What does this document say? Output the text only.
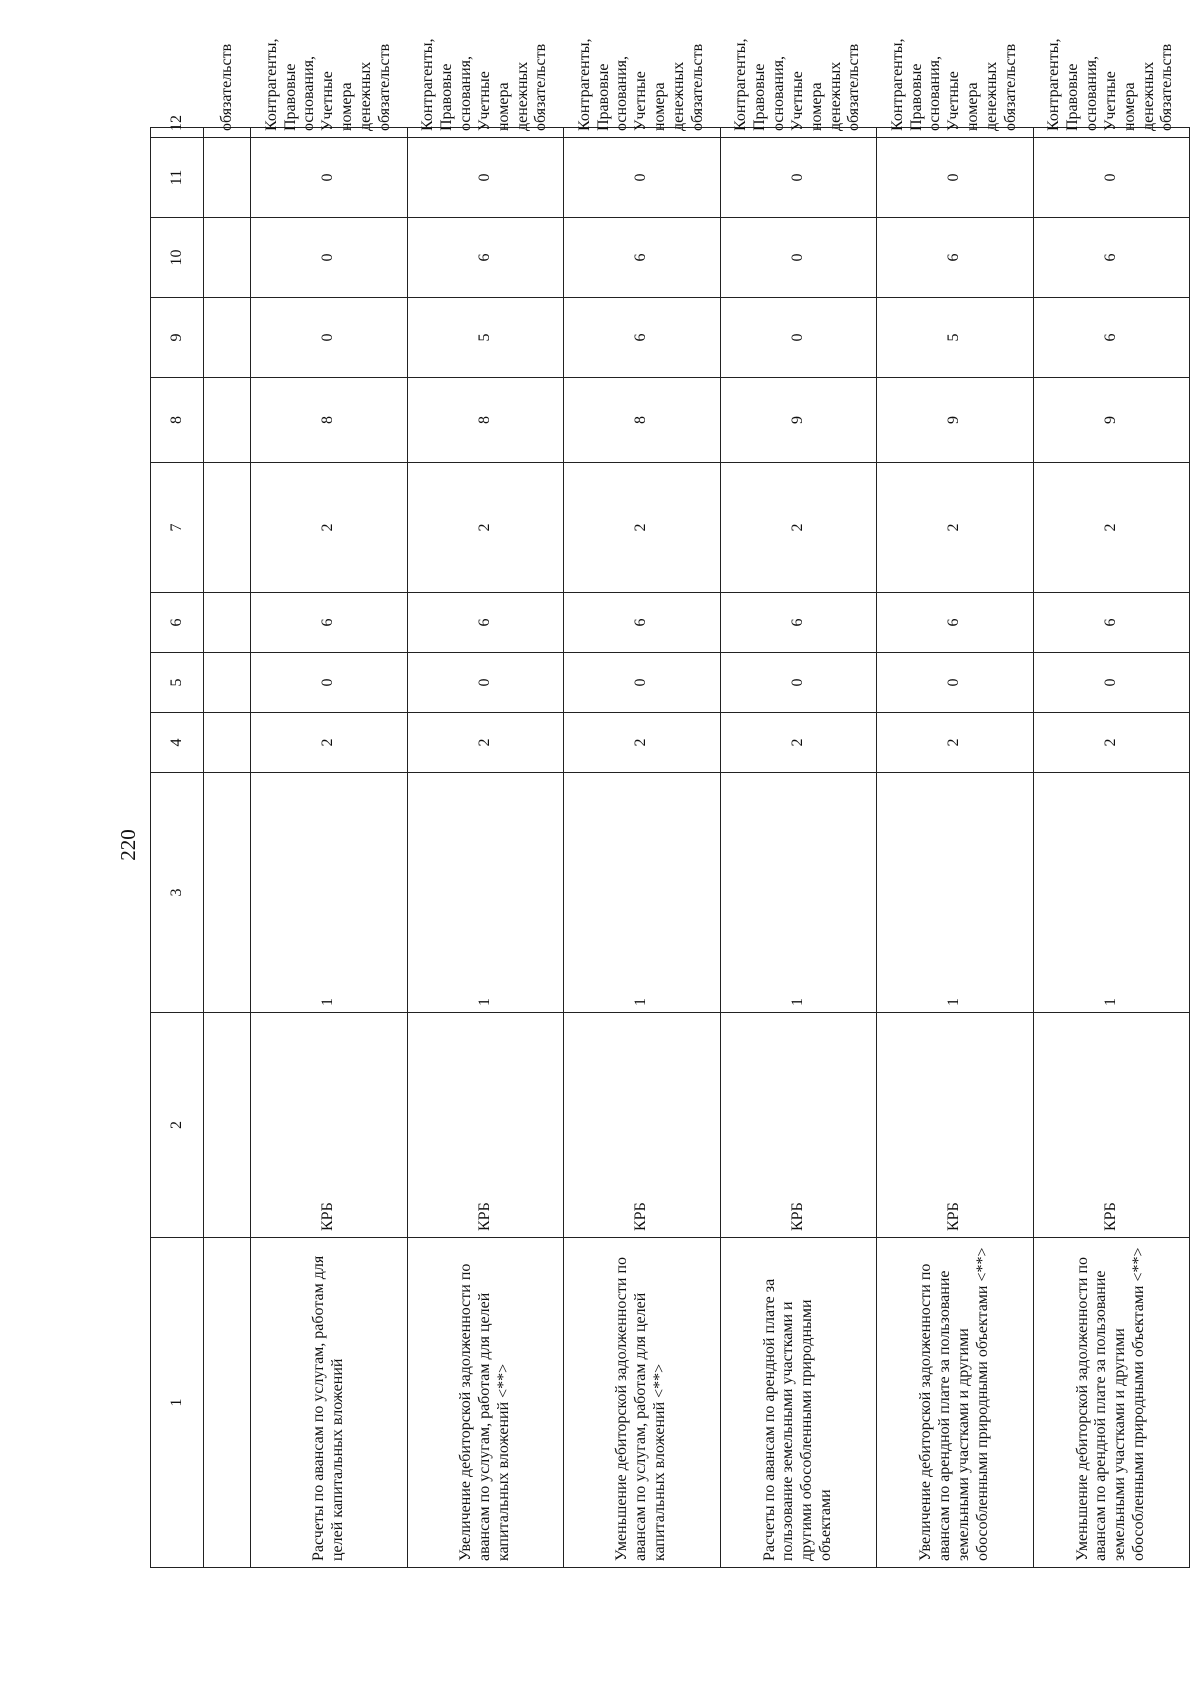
220
1	2	3	4	5	6	7	8	9	10	11	12
											обязательств
Расчеты по авансам по услугам, работам для целей капитальных вложений	КРБ	1	2	0	6	2	8	0	0	0	Контрагенты, Правовые основания, Учетные номера денежных обязательств
Увеличение дебиторской задолженности по авансам по услугам, работам для целей капитальных вложений <**>	КРБ	1	2	0	6	2	8	5	6	0	Контрагенты, Правовые основания, Учетные номера денежных обязательств
Уменьшение дебиторской задолженности по авансам по услугам, работам для целей капитальных вложений <**>	КРБ	1	2	0	6	2	8	6	6	0	Контрагенты, Правовые основания, Учетные номера денежных обязательств
Расчеты по авансам по арендной плате за пользование земельными участками и другими обособленными природными объектами	КРБ	1	2	0	6	2	9	0	0	0	Контрагенты, Правовые основания, Учетные номера денежных обязательств
Увеличение дебиторской задолженности по авансам по арендной плате за пользование земельными участками и другими обособленными природными объектами <**>	КРБ	1	2	0	6	2	9	5	6	0	Контрагенты, Правовые основания, Учетные номера денежных обязательств
Уменьшение дебиторской задолженности по авансам по арендной плате за пользование земельными участками и другими обособленными природными объектами <**>	КРБ	1	2	0	6	2	9	6	6	0	Контрагенты, Правовые основания, Учетные номера денежных обязательств
